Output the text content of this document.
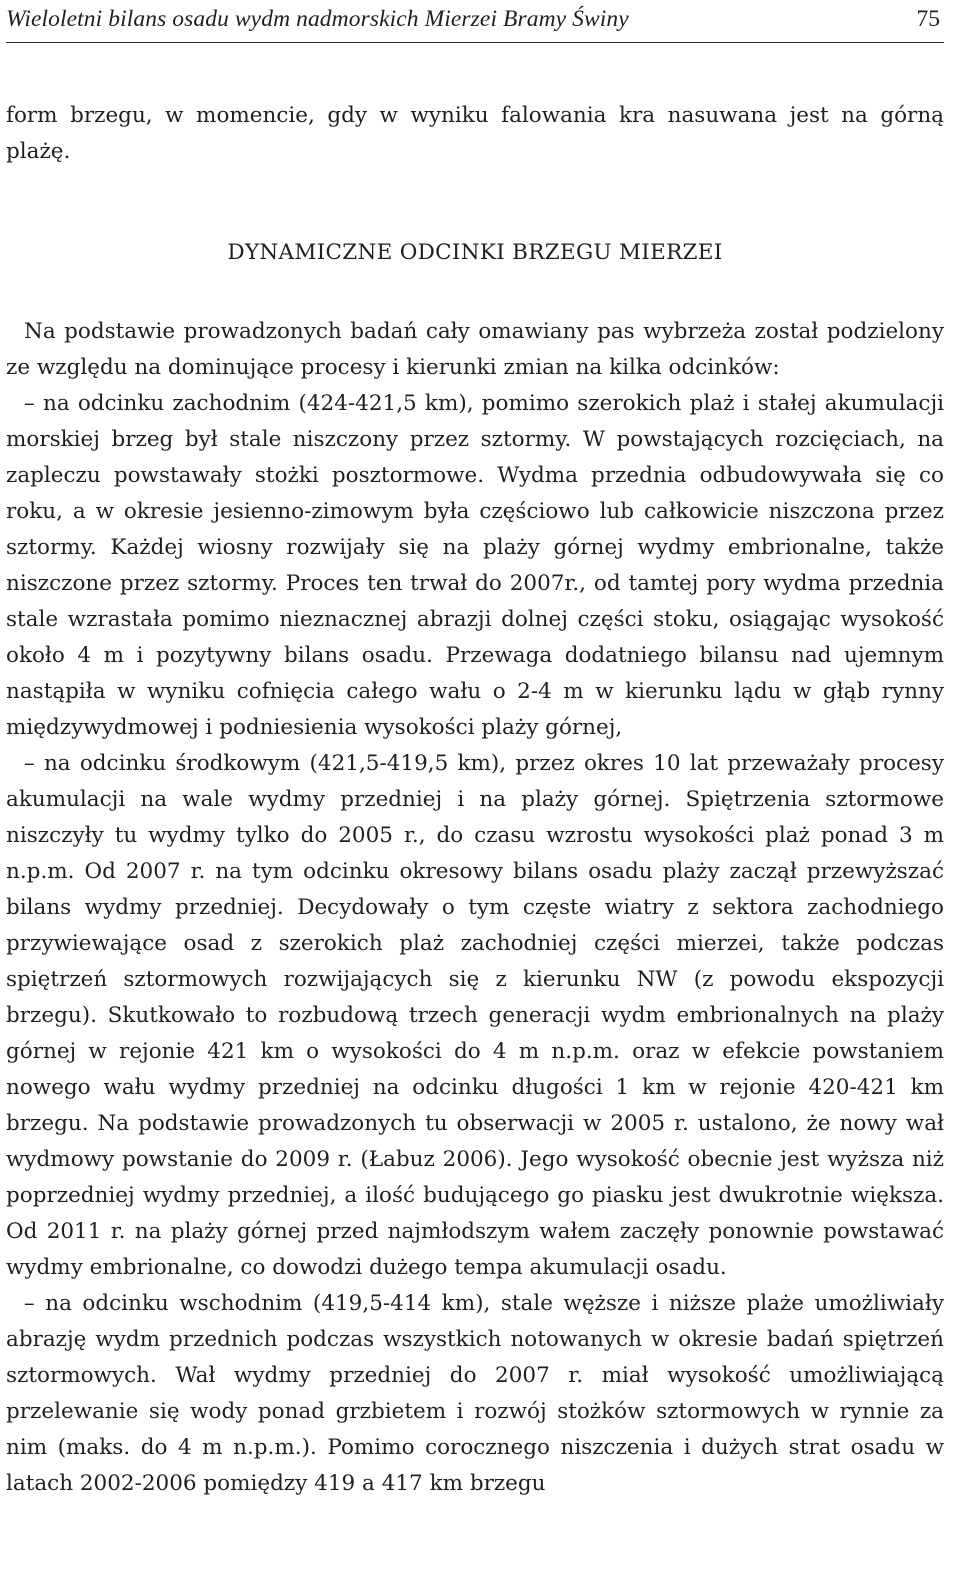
Wieloletni bilans osadu wydm nadmorskich Mierzei Bramy Świny	75

form brzegu, w momencie, gdy w wyniku falowania kra nasuwana jest na górną plażę.

DYNAMICZNE ODCINKI BRZEGU MIERZEI

Na podstawie prowadzonych badań cały omawiany pas wybrzeża został podzielony ze względu na dominujące procesy i kierunki zmian na kilka odcinków:

– na odcinku zachodnim (424-421,5 km), pomimo szerokich plaż i stałej akumulacji morskiej brzeg był stale niszczony przez sztormy. W powstających rozcięciach, na zapleczu powstawały stożki posztormowe. Wydma przednia odbudowywała się co roku, a w okresie jesienno-zimowym była częściowo lub całkowicie niszczona przez sztormy. Każdej wiosny rozwijały się na plaży górnej wydmy embrionalne, także niszczone przez sztormy. Proces ten trwał do 2007r., od tamtej pory wydma przednia stale wzrastała pomimo nieznacznej abrazji dolnej części stoku, osiągając wysokość około 4 m i pozytywny bilans osadu. Przewaga dodatniego bilansu nad ujemnym nastąpiła w wyniku cofnięcia całego wału o 2-4 m w kierunku lądu w głąb rynny międzywydmowej i podniesienia wysokości plaży górnej,

– na odcinku środkowym (421,5-419,5 km), przez okres 10 lat przeważały procesy akumulacji na wale wydmy przedniej i na plaży górnej. Spiętrzenia sztormowe niszczyły tu wydmy tylko do 2005 r., do czasu wzrostu wysokości plaż ponad 3 m n.p.m. Od 2007 r. na tym odcinku okresowy bilans osadu plaży zaczął przewyższać bilans wydmy przedniej. Decydowały o tym częste wiatry z sektora zachodniego przywiewające osad z szerokich plaż zachodniej części mierzei, także podczas spiętrzeń sztormowych rozwijających się z kierunku NW (z powodu ekspozycji brzegu). Skutkowało to rozbudową trzech generacji wydm embrionalnych na plaży górnej w rejonie 421 km o wysokości do 4 m n.p.m. oraz w efekcie powstaniem nowego wału wydmy przedniej na odcinku długości 1 km w rejonie 420-421 km brzegu. Na podstawie prowadzonych tu obserwacji w 2005 r. ustalono, że nowy wał wydmowy powstanie do 2009 r. (Łabuz 2006). Jego wysokość obecnie jest wyższa niż poprzedniej wydmy przedniej, a ilość budującego go piasku jest dwukrotnie większa. Od 2011 r. na plaży górnej przed najmłodszym wałem zaczęły ponownie powstawać wydmy embrionalne, co dowodzi dużego tempa akumulacji osadu.

– na odcinku wschodnim (419,5-414 km), stale węższe i niższe plaże umożliwiały abrazję wydm przednich podczas wszystkich notowanych w okresie badań spiętrzeń sztormowych. Wał wydmy przedniej do 2007 r. miał wysokość umożliwiającą przelewanie się wody ponad grzbietem i rozwój stożków sztormowych w rynnie za nim (maks. do 4 m n.p.m.). Pomimo corocznego niszczenia i dużych strat osadu w latach 2002-2006 pomiędzy 419 a 417 km brzegu
